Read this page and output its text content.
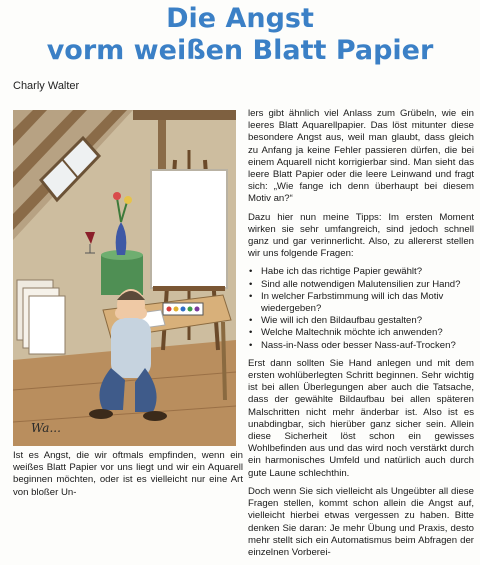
Die Angst
vorm weißen Blatt Papier
Charly Walter
Wa...

Ist es Angst, die wir oftmals empfinden, wenn ein weißes Blatt Papier vor uns liegt und wir ein Aquarell beginnen möchten, oder ist es vielleicht nur eine Art von bloßer Un-

lers gibt ähnlich viel Anlass zum Grübeln, wie ein leeres Blatt Aquarellpapier. Das löst mitunter diese besondere Angst aus, weil man glaubt, dass gleich zu Anfang ja keine Fehler passieren dürfen, die bei einem Aquarell nicht korrigierbar sind. Man sieht das leere Blatt Papier oder die leere Leinwand und fragt sich: „Wie fange ich denn überhaupt bei diesem Motiv an?“

Dazu hier nun meine Tipps: Im ersten Moment wirken sie sehr umfangreich, sind jedoch schnell ganz und gar verinnerlicht. Also, zu allererst stellen wir uns folgende Fragen:

• Habe ich das richtige Papier gewählt?
• Sind alle notwendigen Malutensilien zur Hand?
• In welcher Farbstimmung will ich das Motiv wiedergeben?
• Wie will ich den Bildaufbau gestalten?
• Welche Maltechnik möchte ich anwenden?
• Nass-in-Nass oder besser Nass-auf-Trocken?

Erst dann sollten Sie Hand anlegen und mit dem ersten wohlüberlegten Schritt beginnen. Sehr wichtig ist bei allen Überlegungen aber auch die Tatsache, dass der gewählte Bildaufbau bei allen späteren Malschritten nicht mehr änderbar ist. Also ist es unabdingbar, sich hierüber ganz sicher sein. Allein diese Sicherheit löst schon ein gewisses Wohlbefinden aus und das wird noch verstärkt durch ein harmonisches Umfeld und natürlich auch durch gute Laune schlechthin.

Doch wenn Sie sich vielleicht als Ungeübter all diese Fragen stellen, kommt schon allein die Angst auf, vielleicht hierbei etwas vergessen zu haben. Bitte denken Sie daran: Je mehr Übung und Praxis, desto mehr stellt sich ein Automatismus beim Abfragen der einzelnen Vorberei-
